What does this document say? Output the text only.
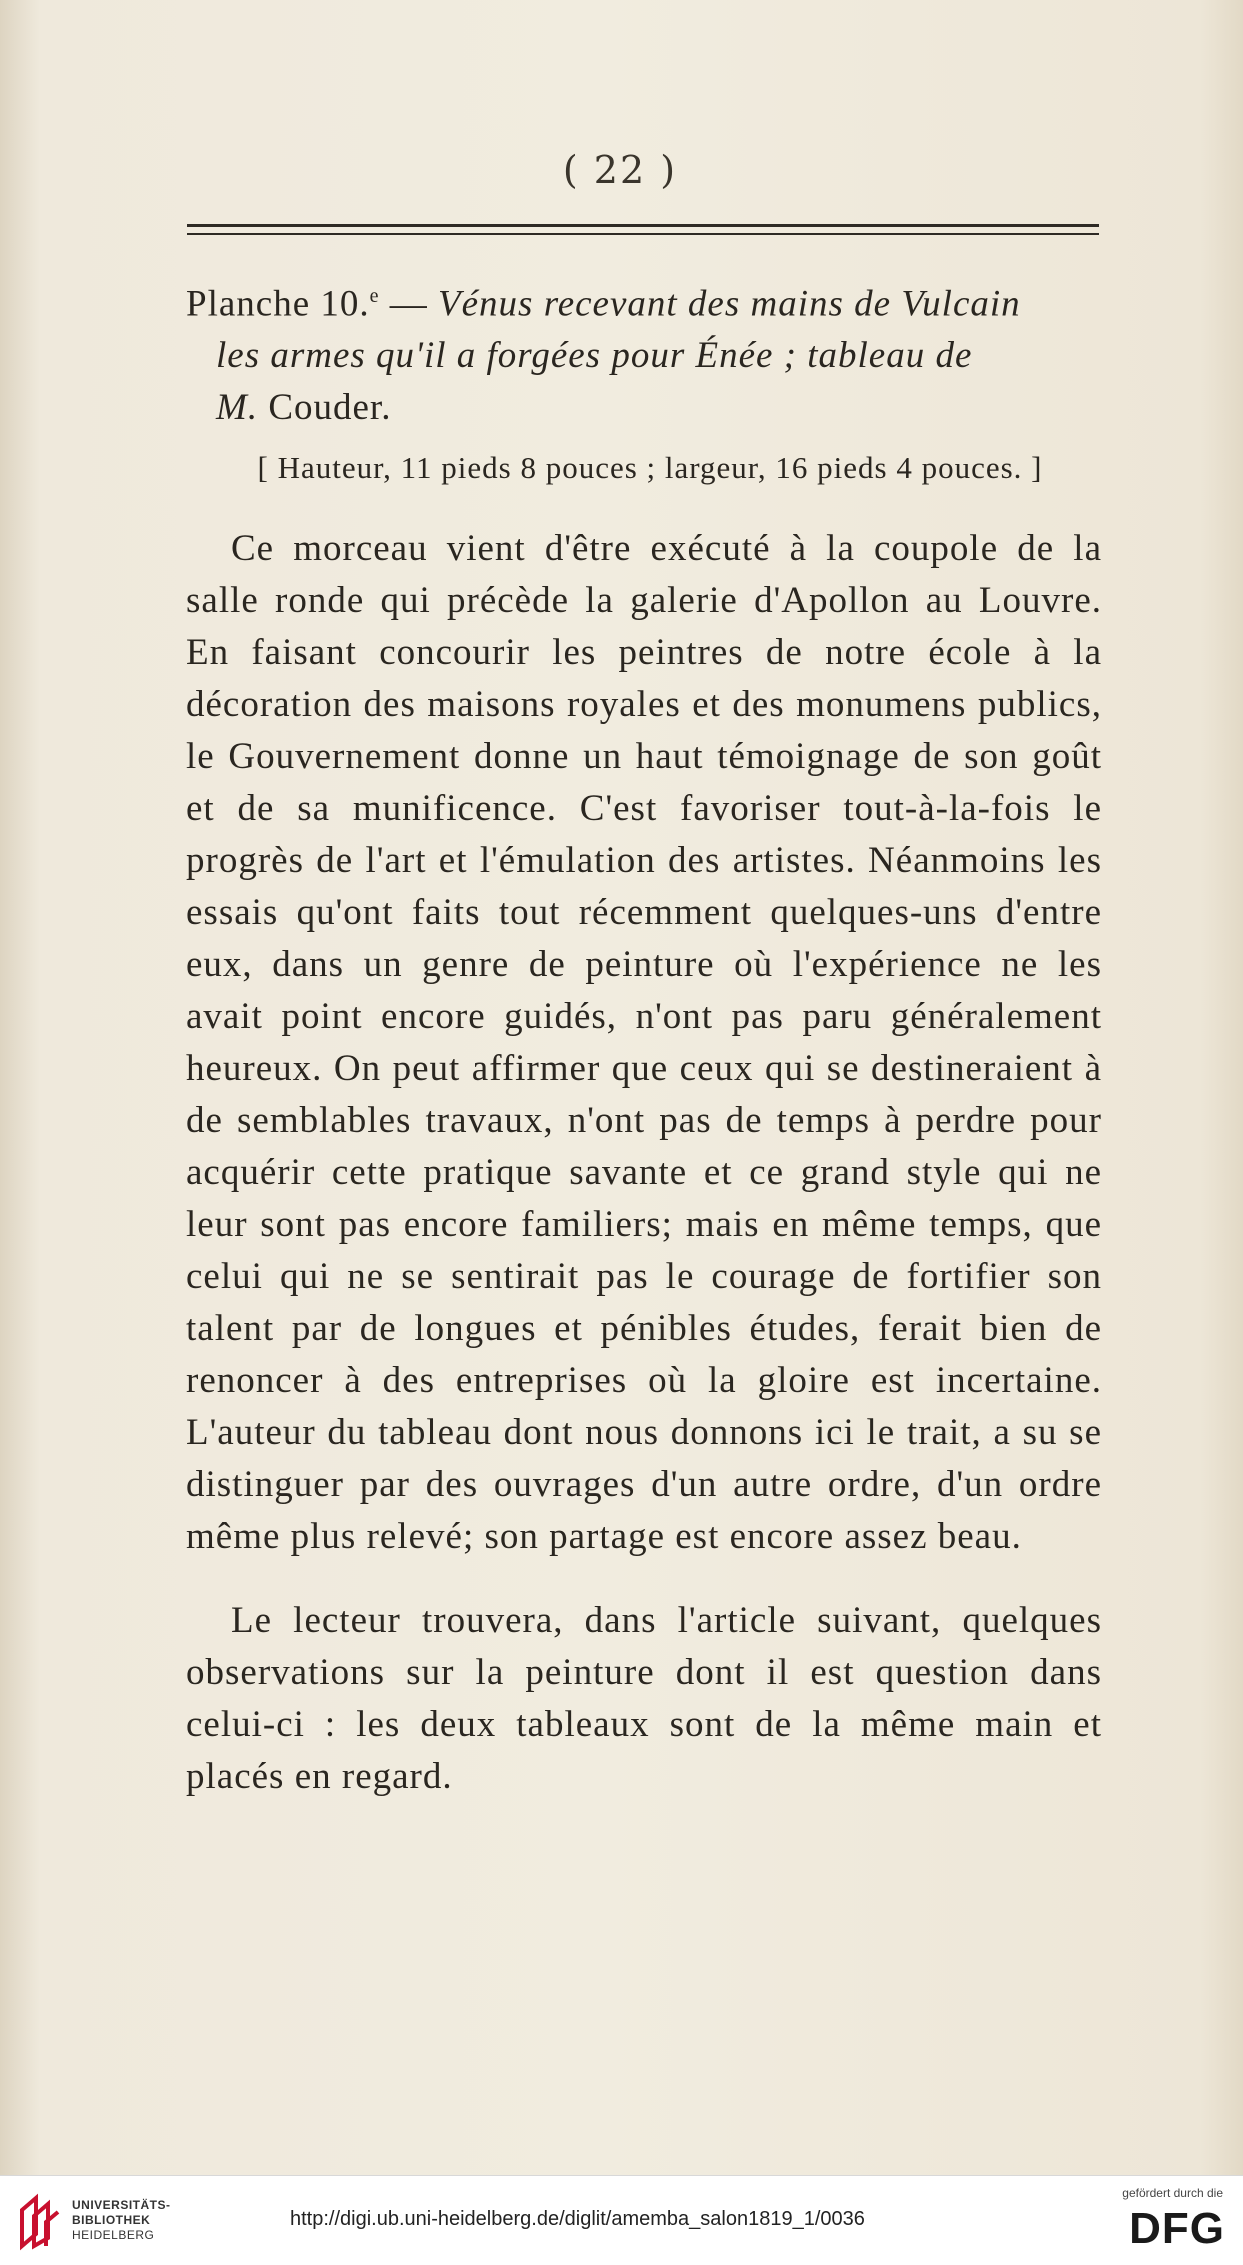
( 22 )
Planche 10.$^e$ — Vénus recevant des mains de Vulcain
les armes qu'il a forgées pour Énée ; tableau de
M. Couder.
[ Hauteur, 11 pieds 8 pouces ; largeur, 16 pieds 4 pouces. ]
Ce morceau vient d'être exécuté à la coupole de la salle ronde qui précède la galerie d'Apollon au Louvre. En faisant concourir les peintres de notre école à la décoration des maisons royales et des monumens publics, le Gouvernement donne un haut témoignage de son goût et de sa munificence. C'est favoriser tout-à-la-fois le progrès de l'art et l'émulation des artistes. Néanmoins les essais qu'ont faits tout récemment quelques-uns d'entre eux, dans un genre de peinture où l'expérience ne les avait point encore guidés, n'ont pas paru généralement heureux. On peut affirmer que ceux qui se destineraient à de semblables travaux, n'ont pas de temps à perdre pour acquérir cette pratique savante et ce grand style qui ne leur sont pas encore familiers; mais en même temps, que celui qui ne se sentirait pas le courage de fortifier son talent par de longues et pénibles études, ferait bien de renoncer à des entreprises où la gloire est incertaine. L'auteur du tableau dont nous donnons ici le trait, a su se distinguer par des ouvrages d'un autre ordre, d'un ordre même plus relevé; son partage est encore assez beau.
Le lecteur trouvera, dans l'article suivant, quelques observations sur la peinture dont il est question dans celui-ci : les deux tableaux sont de la même main et placés en regard.
UNIVERSITÄTS-
BIBLIOTHEK
HEIDELBERG
http://digi.ub.uni-heidelberg.de/diglit/amemba_salon1819_1/0036
gefördert durch die
DFG
